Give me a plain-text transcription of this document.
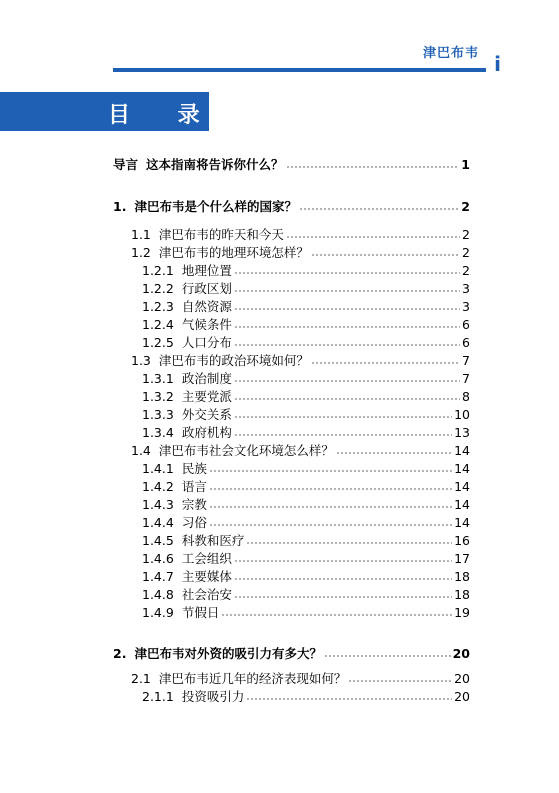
津巴布韦 i
目 录
导言 这本指南将告诉你什么？	1
1. 津巴布韦是个什么样的国家？	2
1.1 津巴布韦的昨天和今天	2
1.2 津巴布韦的地理环境怎样？	2
1.2.1 地理位置	2
1.2.2 行政区划	3
1.2.3 自然资源	3
1.2.4 气候条件	6
1.2.5 人口分布	6
1.3 津巴布韦的政治环境如何？	7
1.3.1 政治制度	7
1.3.2 主要党派	8
1.3.3 外交关系	10
1.3.4 政府机构	13
1.4 津巴布韦社会文化环境怎么样？	14
1.4.1 民族	14
1.4.2 语言	14
1.4.3 宗教	14
1.4.4 习俗	14
1.4.5 科教和医疗	16
1.4.6 工会组织	17
1.4.7 主要媒体	18
1.4.8 社会治安	18
1.4.9 节假日	19
2. 津巴布韦对外资的吸引力有多大？	20
2.1 津巴布韦近几年的经济表现如何？	20
2.1.1 投资吸引力	20
